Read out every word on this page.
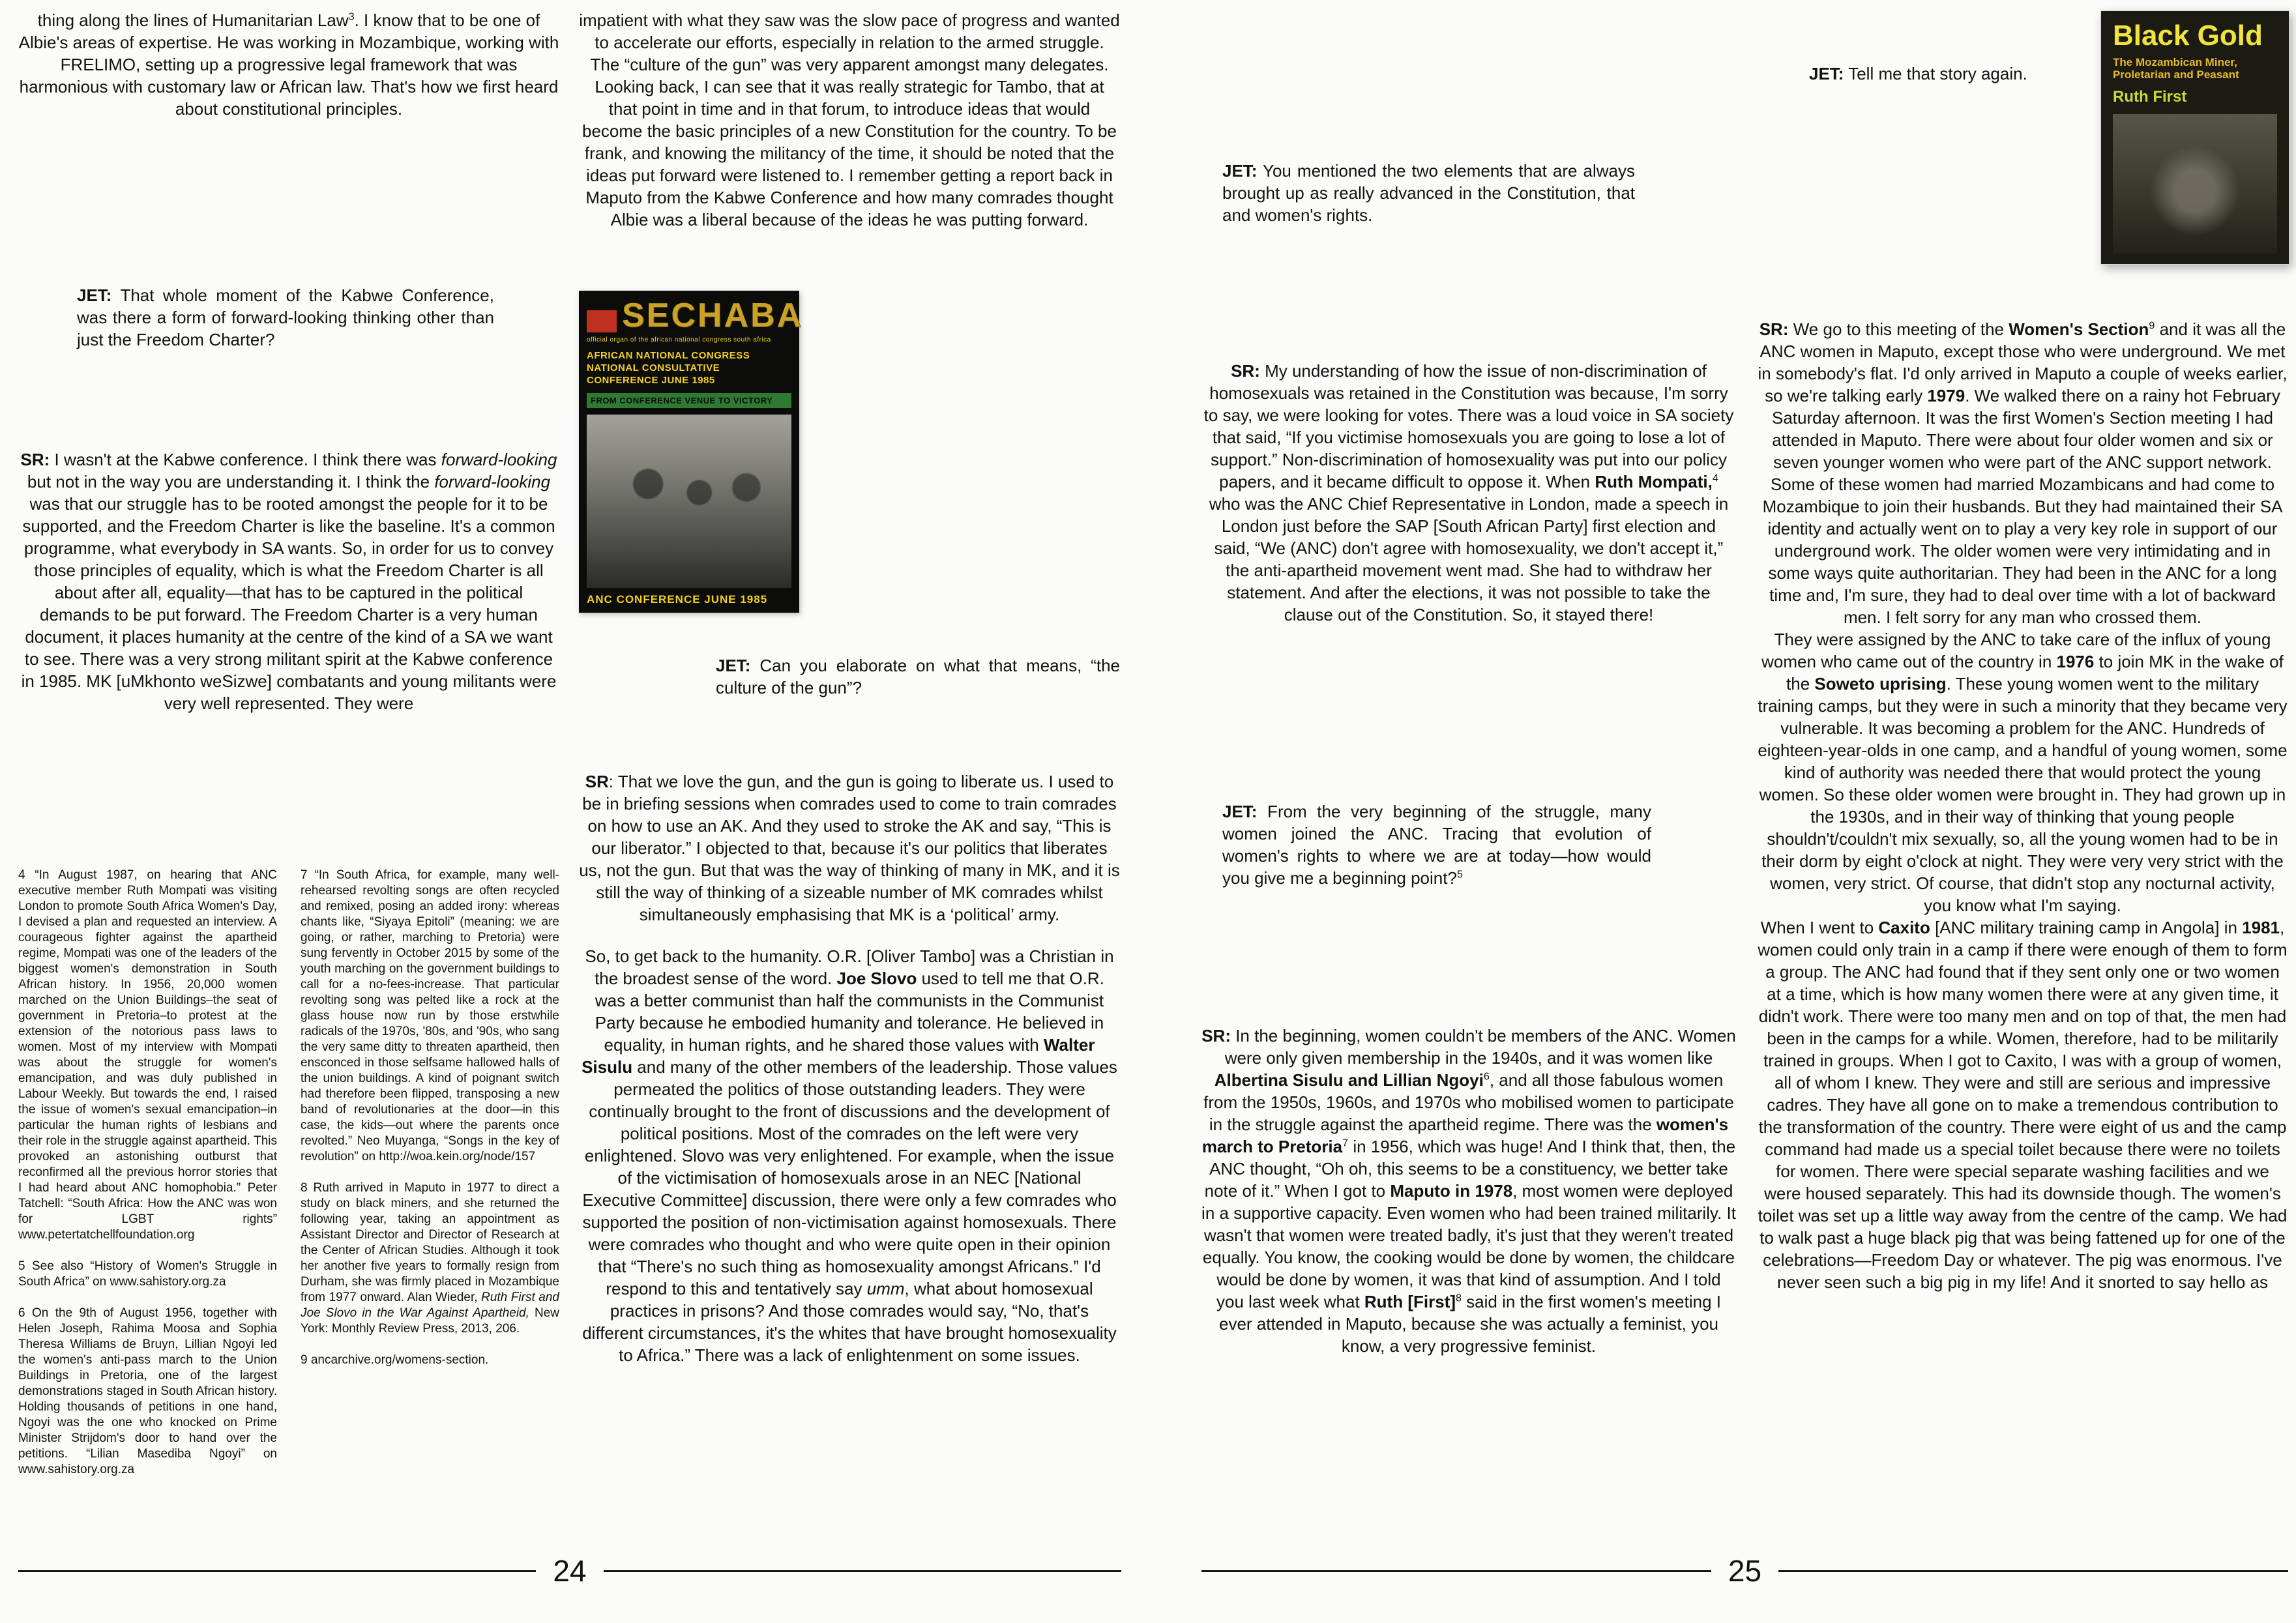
thing along the lines of Humanitarian Law$^3$. I know that to be one of Albie's areas of expertise. He was working in Mozambique, working with FRELIMO, setting up a progressive legal framework that was harmonious with customary law or African law. That's how we first heard about constitutional principles.

JET: That whole moment of the Kabwe Conference, was there a form of forward-looking thinking other than just the Freedom Charter?

SR: I wasn't at the Kabwe conference. I think there was forward-looking but not in the way you are understanding it. I think the forward-looking was that our struggle has to be rooted amongst the people for it to be supported, and the Freedom Charter is like the baseline. It's a common programme, what everybody in SA wants. So, in order for us to convey those principles of equality, which is what the Freedom Charter is all about after all, equality—that has to be captured in the political demands to be put forward. The Freedom Charter is a very human document, it places humanity at the centre of the kind of a SA we want to see. There was a very strong militant spirit at the Kabwe conference in 1985. MK [uMkhonto weSizwe] combatants and young militants were very well represented. They were

4 “In August 1987, on hearing that ANC executive member Ruth Mompati was visiting London to promote South Africa Women's Day, I devised a plan and requested an interview. A courageous fighter against the apartheid regime, Mompati was one of the leaders of the biggest women's demonstration in South African history. In 1956, 20,000 women marched on the Union Buildings–the seat of government in Pretoria–to protest at the extension of the notorious pass laws to women. Most of my interview with Mompati was about the struggle for women's emancipation, and was duly published in Labour Weekly. But towards the end, I raised the issue of women's sexual emancipation–in particular the human rights of lesbians and their role in the struggle against apartheid. This provoked an astonishing outburst that reconfirmed all the previous horror stories that I had heard about ANC homophobia.” Peter Tatchell: “South Africa: How the ANC was won for LGBT rights” www.petertatchellfoundation.org

5 See also “History of Women's Struggle in South Africa” on www.sahistory.org.za

6 On the 9th of August 1956, together with Helen Joseph, Rahima Moosa and Sophia Theresa Williams de Bruyn, Lillian Ngoyi led the women's anti-pass march to the Union Buildings in Pretoria, one of the largest demonstrations staged in South African history. Holding thousands of petitions in one hand, Ngoyi was the one who knocked on Prime Minister Strijdom's door to hand over the petitions. “Lilian Masediba Ngoyi” on www.sahistory.org.za

7 “In South Africa, for example, many well-rehearsed revolting songs are often recycled and remixed, posing an added irony: whereas chants like, “Siyaya Epitoli” (meaning: we are going, or rather, marching to Pretoria) were sung fervently in October 2015 by some of the youth marching on the government buildings to call for a no-fees-increase. That particular revolting song was pelted like a rock at the glass house now run by those erstwhile radicals of the 1970s, '80s, and '90s, who sang the very same ditty to threaten apartheid, then ensconced in those selfsame hallowed halls of the union buildings. A kind of poignant switch had therefore been flipped, transposing a new band of revolutionaries at the door—in this case, the kids—out where the parents once revolted.” Neo Muyanga, “Songs in the key of revolution” on http://woa.kein.org/node/157

8 Ruth arrived in Maputo in 1977 to direct a study on black miners, and she returned the following year, taking an appointment as Assistant Director and Director of Research at the Center of African Studies. Although it took her another five years to formally resign from Durham, she was firmly placed in Mozambique from 1977 onward. Alan Wieder, Ruth First and Joe Slovo in the War Against Apartheid, New York: Monthly Review Press, 2013, 206.

9 ancarchive.org/womens-section.

impatient with what they saw was the slow pace of progress and wanted to accelerate our efforts, especially in relation to the armed struggle. The “culture of the gun” was very apparent amongst many delegates. Looking back, I can see that it was really strategic for Tambo, that at that point in time and in that forum, to introduce ideas that would become the basic principles of a new Constitution for the country. To be frank, and knowing the militancy of the time, it should be noted that the ideas put forward were listened to. I remember getting a report back in Maputo from the Kabwe Conference and how many comrades thought Albie was a liberal because of the ideas he was putting forward.

SECHABA
official organ of the african national congress south africa
AFRICAN NATIONAL CONGRESS NATIONAL CONSULTATIVE CONFERENCE JUNE 1985
FROM CONFERENCE VENUE TO VICTORY
ANC CONFERENCE JUNE 1985

JET: Can you elaborate on what that means, “the culture of the gun”?

SR: That we love the gun, and the gun is going to liberate us. I used to be in briefing sessions when comrades used to come to train comrades on how to use an AK. And they used to stroke the AK and say, “This is our liberator.” I objected to that, because it's our politics that liberates us, not the gun. But that was the way of thinking of many in MK, and it is still the way of thinking of a sizeable number of MK comrades whilst simultaneously emphasising that MK is a ‘political’ army.

So, to get back to the humanity. O.R. [Oliver Tambo] was a Christian in the broadest sense of the word. Joe Slovo used to tell me that O.R. was a better communist than half the communists in the Communist Party because he embodied humanity and tolerance. He believed in equality, in human rights, and he shared those values with Walter Sisulu and many of the other members of the leadership. Those values permeated the politics of those outstanding leaders. They were continually brought to the front of discussions and the development of political positions. Most of the comrades on the left were very enlightened. Slovo was very enlightened. For example, when the issue of the victimisation of homosexuals arose in an NEC [National Executive Committee] discussion, there were only a few comrades who supported the position of non-victimisation against homosexuals. There were comrades who thought and who were quite open in their opinion that “There's no such thing as homosexuality amongst Africans.” I'd respond to this and tentatively say umm, what about homosexual practices in prisons? And those comrades would say, “No, that's different circumstances, it's the whites that have brought homosexuality to Africa.” There was a lack of enlightenment on some issues.

JET: You mentioned the two elements that are always brought up as really advanced in the Constitution, that and women's rights.

SR: My understanding of how the issue of non-discrimination of homosexuals was retained in the Constitution was because, I'm sorry to say, we were looking for votes. There was a loud voice in SA society that said, “If you victimise homosexuals you are going to lose a lot of support.” Non-discrimination of homosexuality was put into our policy papers, and it became difficult to oppose it. When Ruth Mompati,$^4$ who was the ANC Chief Representative in London, made a speech in London just before the SAP [South African Party] first election and said, “We (ANC) don't agree with homosexuality, we don't accept it,” the anti-apartheid movement went mad. She had to withdraw her statement. And after the elections, it was not possible to take the clause out of the Constitution. So, it stayed there!

JET: From the very beginning of the struggle, many women joined the ANC. Tracing that evolution of women's rights to where we are at today—how would you give me a beginning point?$^5$

SR: In the beginning, women couldn't be members of the ANC. Women were only given membership in the 1940s, and it was women like Albertina Sisulu and Lillian Ngoyi$^6$, and all those fabulous women from the 1950s, 1960s, and 1970s who mobilised women to participate in the struggle against the apartheid regime. There was the women's march to Pretoria$^7$ in 1956, which was huge! And I think that, then, the ANC thought, “Oh oh, this seems to be a constituency, we better take note of it.” When I got to Maputo in 1978, most women were deployed in a supportive capacity. Even women who had been trained militarily. It wasn't that women were treated badly, it's just that they weren't treated equally. You know, the cooking would be done by women, the childcare would be done by women, it was that kind of assumption. And I told you last week what Ruth [First]$^8$ said in the first women's meeting I ever attended in Maputo, because she was actually a feminist, you know, a very progressive feminist.

JET: Tell me that story again.

SR: We go to this meeting of the Women's Section$^9$ and it was all the ANC women in Maputo, except those who were underground. We met in somebody's flat. I'd only arrived in Maputo a couple of weeks earlier, so we're talking early 1979. We walked there on a rainy hot February Saturday afternoon. It was the first Women's Section meeting I had attended in Maputo. There were about four older women and six or seven younger women who were part of the ANC support network. Some of these women had married Mozambicans and had come to Mozambique to join their husbands. But they had maintained their SA identity and actually went on to play a very key role in support of our underground work. The older women were very intimidating and in some ways quite authoritarian. They had been in the ANC for a long time and, I'm sure, they had to deal over time with a lot of backward men. I felt sorry for any man who crossed them.

They were assigned by the ANC to take care of the influx of young women who came out of the country in 1976 to join MK in the wake of the Soweto uprising. These young women went to the military training camps, but they were in such a minority that they became very vulnerable. It was becoming a problem for the ANC. Hundreds of eighteen-year-olds in one camp, and a handful of young women, some kind of authority was needed there that would protect the young women. So these older women were brought in. They had grown up in the 1930s, and in their way of thinking that young people shouldn't/couldn't mix sexually, so, all the young women had to be in their dorm by eight o'clock at night. They were very very strict with the women, very strict. Of course, that didn't stop any nocturnal activity, you know what I'm saying.

When I went to Caxito [ANC military training camp in Angola] in 1981, women could only train in a camp if there were enough of them to form a group. The ANC had found that if they sent only one or two women at a time, which is how many women there were at any given time, it didn't work. There were too many men and on top of that, the men had been in the camps for a while. Women, therefore, had to be militarily trained in groups. When I got to Caxito, I was with a group of women, all of whom I knew. They were and still are serious and impressive cadres. They have all gone on to make a tremendous contribution to the transformation of the country. There were eight of us and the camp command had made us a special toilet because there were no toilets for women. There were special separate washing facilities and we were housed separately. This had its downside though. The women's toilet was set up a little way away from the centre of the camp. We had to walk past a huge black pig that was being fattened up for one of the celebrations—Freedom Day or whatever. The pig was enormous. I've never seen such a big pig in my life! And it snorted to say hello as

Black Gold
The Mozambican Miner, Proletarian and Peasant
Ruth First
24	25
